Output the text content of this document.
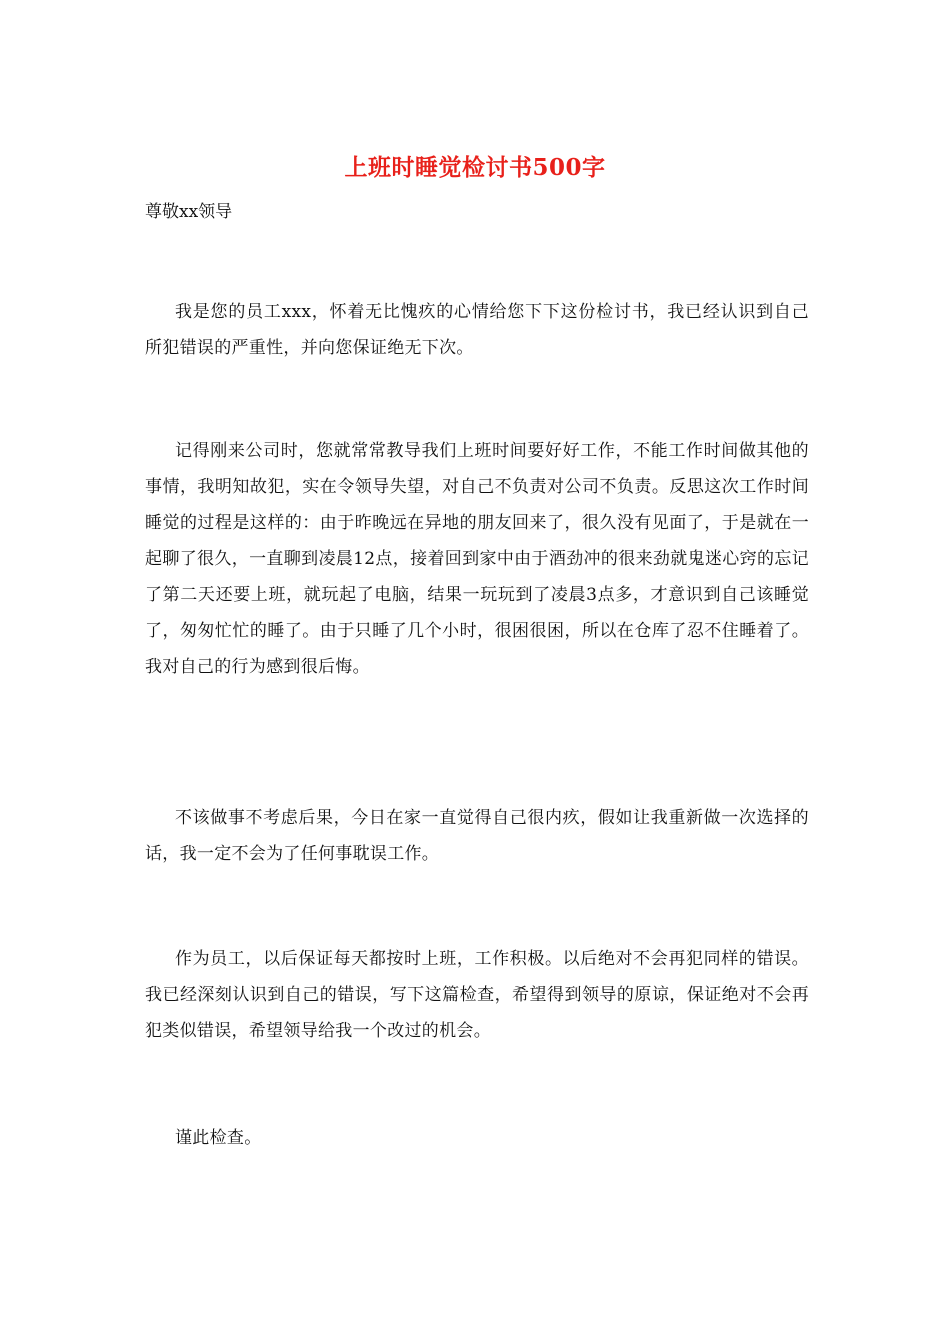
上班时睡觉检讨书500字
尊敬xx领导

我是您的员工xxx，怀着无比愧疚的心情给您下下这份检讨书，我已经认识到自己所犯错误的严重性，并向您保证绝无下次。

记得刚来公司时，您就常常教导我们上班时间要好好工作，不能工作时间做其他的事情，我明知故犯，实在令领导失望，对自己不负责对公司不负责。反思这次工作时间睡觉的过程是这样的：由于昨晚远在异地的朋友回来了，很久没有见面了，于是就在一起聊了很久，一直聊到凌晨12点，接着回到家中由于酒劲冲的很来劲就鬼迷心窍的忘记了第二天还要上班，就玩起了电脑，结果一玩玩到了凌晨3点多，才意识到自己该睡觉了，匆匆忙忙的睡了。由于只睡了几个小时，很困很困，所以在仓库了忍不住睡着了。我对自己的行为感到很后悔。

不该做事不考虑后果，今日在家一直觉得自己很内疚，假如让我重新做一次选择的话，我一定不会为了任何事耽误工作。

作为员工，以后保证每天都按时上班，工作积极。以后绝对不会再犯同样的错误。我已经深刻认识到自己的错误，写下这篇检查，希望得到领导的原谅，保证绝对不会再犯类似错误，希望领导给我一个改过的机会。

谨此检查。
